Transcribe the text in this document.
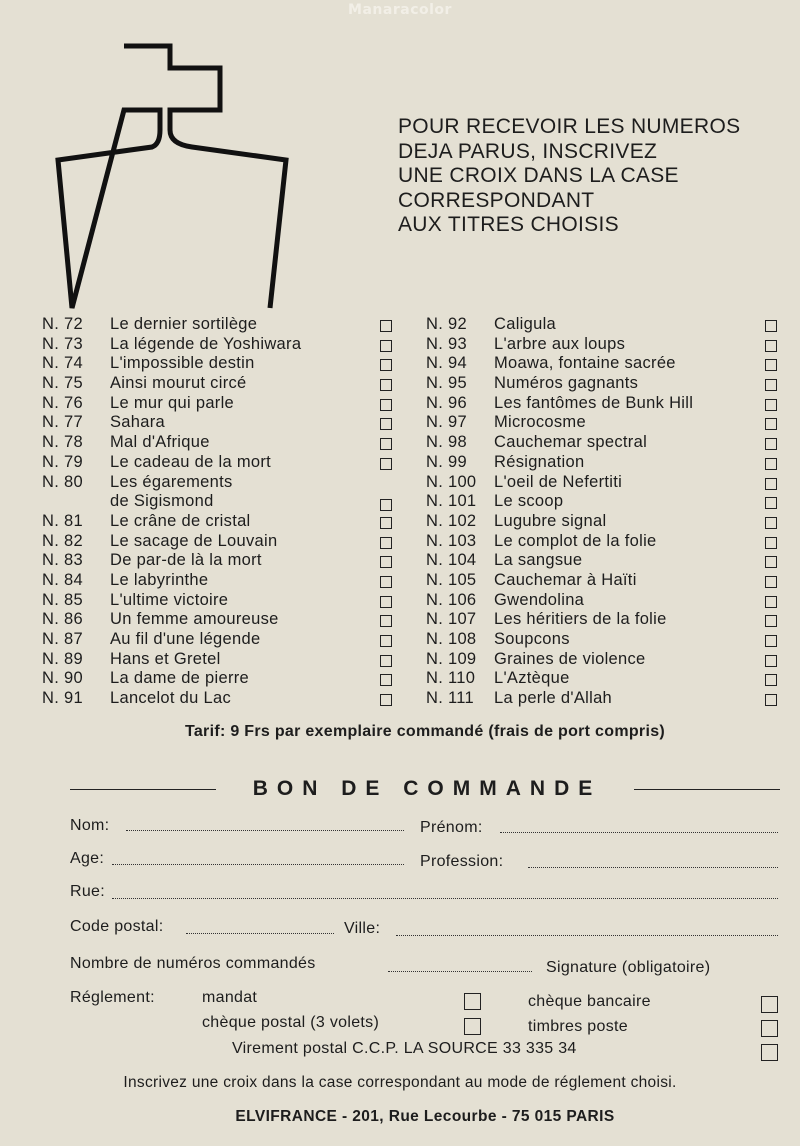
Manaracolor
POUR RECEVOIR LES NUMEROS
DEJA PARUS, INSCRIVEZ
UNE CROIX DANS LA CASE
CORRESPONDANT
AUX TITRES CHOISIS
N. 72 Le dernier sortilège
N. 73 La légende de Yoshiwara
N. 74 L'impossible destin
N. 75 Ainsi mourut circé
N. 76 Le mur qui parle
N. 77 Sahara
N. 78 Mal d'Afrique
N. 79 Le cadeau de la mort
N. 80 Les égarements
de Sigismond
N. 81 Le crâne de cristal
N. 82 Le sacage de Louvain
N. 83 De par-de là la mort
N. 84 Le labyrinthe
N. 85 L'ultime victoire
N. 86 Un femme amoureuse
N. 87 Au fil d'une légende
N. 89 Hans et Gretel
N. 90 La dame de pierre
N. 91 Lancelot du Lac
N. 92 Caligula
N. 93 L'arbre aux loups
N. 94 Moawa, fontaine sacrée
N. 95 Numéros gagnants
N. 96 Les fantômes de Bunk Hill
N. 97 Microcosme
N. 98 Cauchemar spectral
N. 99 Résignation
N. 100 L'oeil de Nefertiti
N. 101 Le scoop
N. 102 Lugubre signal
N. 103 Le complot de la folie
N. 104 La sangsue
N. 105 Cauchemar à Haïti
N. 106 Gwendolina
N. 107 Les héritiers de la folie
N. 108 Soupcons
N. 109 Graines de violence
N. 110 L'Aztèque
N. 111 La perle d'Allah
Tarif: 9 Frs par exemplaire commandé (frais de port compris)
BON DE COMMANDE
Nom:	Prénom:
Age:	Profession:
Rue:
Code postal:	Ville:
Nombre de numéros commandés	Signature (obligatoire)
Réglement:	mandat	chèque bancaire
chèque postal (3 volets)	timbres poste
Virement postal C.C.P. LA SOURCE 33 335 34
Inscrivez une croix dans la case correspondant au mode de réglement choisi.
ELVIFRANCE - 201, Rue Lecourbe - 75 015 PARIS
